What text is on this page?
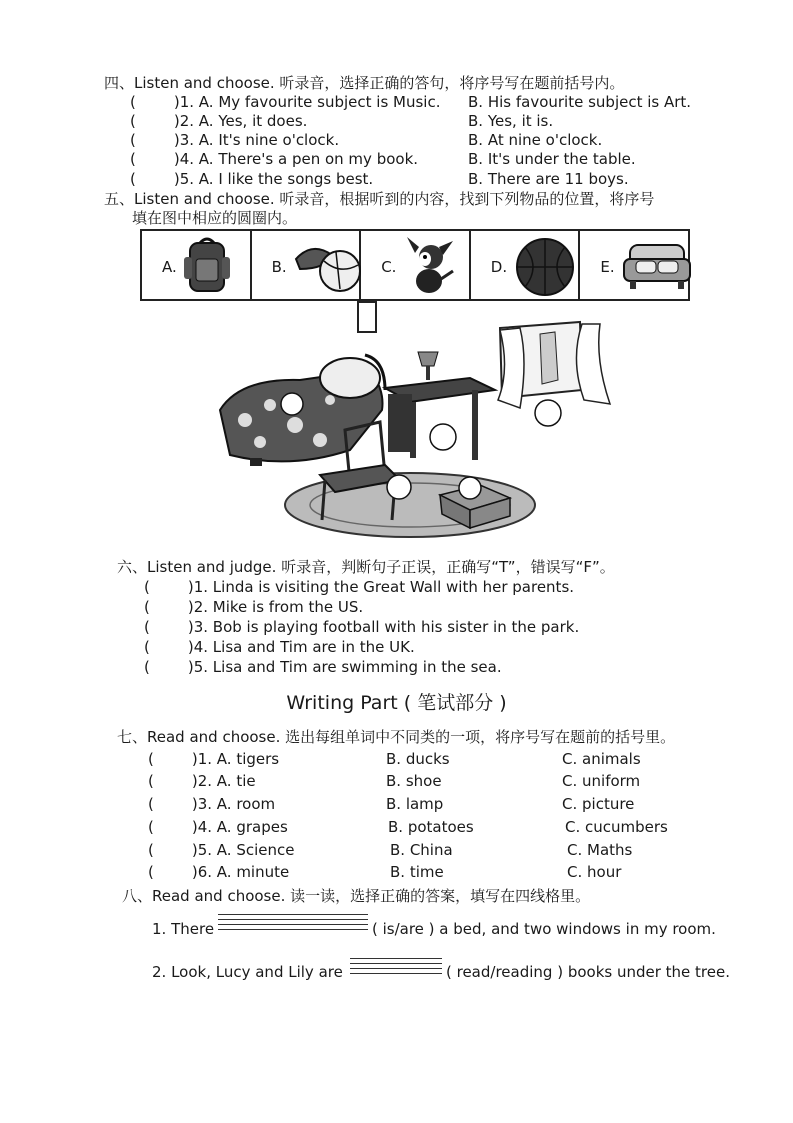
四、Listen and choose. 听录音，选择正确的答句，将序号写在题前括号内。
(	)1. A. My favourite subject is Music. B. His favourite subject is Art.
(	)2. A. Yes, it does.	B. Yes, it is.
(	)3. A. It's nine o'clock.	B. At nine o'clock.
(	)4. A. There's a pen on my book.	B. It's under the table.
(	)5. A. I like the songs best.	B. There are 11 boys.
五、Listen and choose. 听录音，根据听到的内容，找到下列物品的位置，将序号
填在图中相应的圆圈内。
A.	B.	C.	D.	E.
六、Listen and judge. 听录音，判断句子正误，正确写“T”，错误写“F”。
(	)1. Linda is visiting the Great Wall with her parents.
(	)2. Mike is from the US.
(	)3. Bob is playing football with his sister in the park.
(	)4. Lisa and Tim are in the UK.
(	)5. Lisa and Tim are swimming in the sea.
Writing Part ( 笔试部分 )
七、Read and choose. 选出每组单词中不同类的一项，将序号写在题前的括号里。
(	)1. A. tigers	B. ducks	C. animals
(	)2. A. tie	B. shoe	C. uniform
(	)3. A. room	B. lamp	C. picture
(	)4. A. grapes	B. potatoes	C. cucumbers
(	)5. A. Science	B. China	C. Maths
(	)6. A. minute	B. time	C. hour
八、Read and choose. 读一读，选择正确的答案，填写在四线格里。
1. There	( is/are ) a bed, and two windows in my room.
2. Look, Lucy and Lily are	( read/reading ) books under the tree.
